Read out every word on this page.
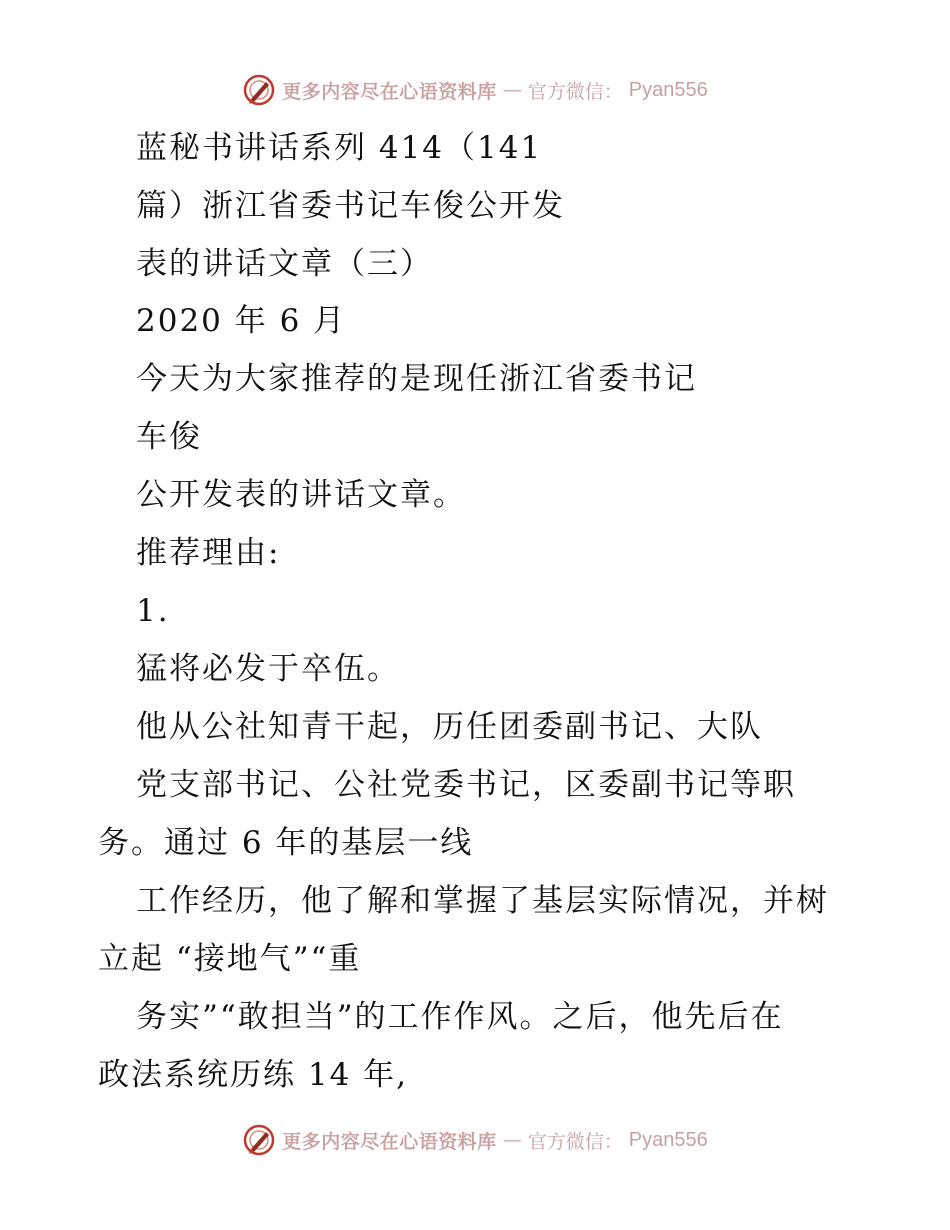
更多内容尽在心语资料库 — 官方微信： Pyan556
蓝秘书讲话系列 414（141
篇）浙江省委书记车俊公开发
表的讲话文章（三）
2020 年 6 月
今天为大家推荐的是现任浙江省委书记
车俊
公开发表的讲话文章。
推荐理由:
1.
猛将必发于卒伍。
他从公社知青干起，历任团委副书记、大队
党支部书记、公社党委书记，区委副书记等职
务。通过 6 年的基层一线
工作经历，他了解和掌握了基层实际情况，并树
立起 “接地气”“重
务实”“敢担当”的工作作风。之后，他先后在
政法系统历练 14 年,
更多内容尽在心语资料库 — 官方微信： Pyan556
